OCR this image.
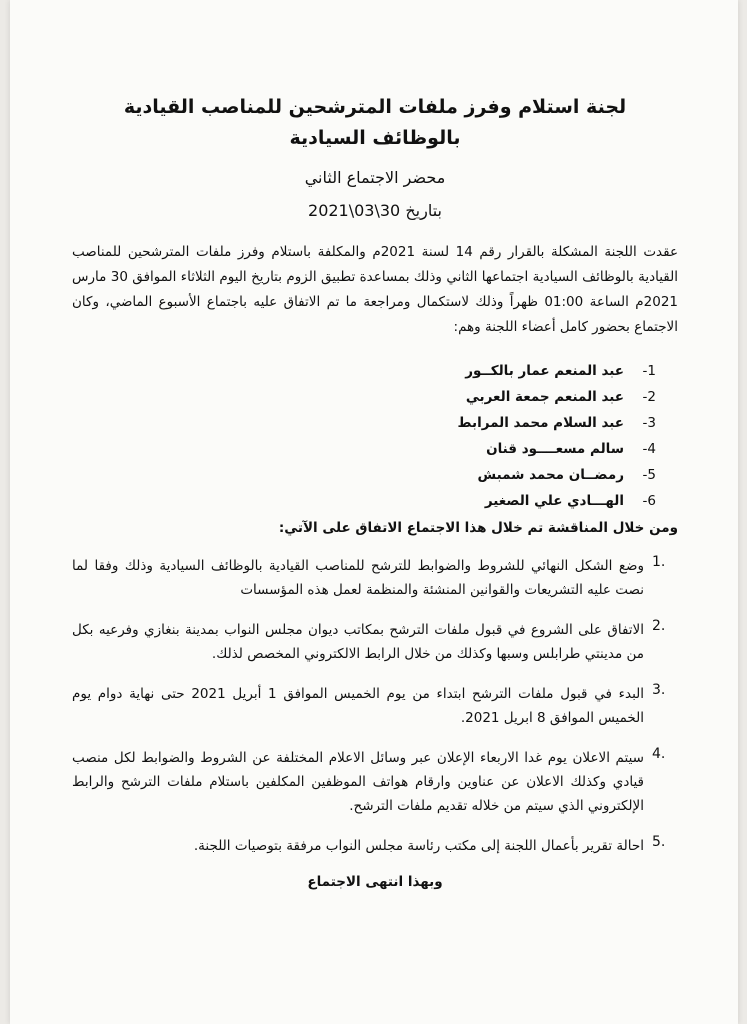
لجنة استلام وفرز ملفات المترشحين للمناصب القيادية
بالوظائف السيادية

محضر الاجتماع الثاني

بتاريخ 30\03\2021

عقدت اللجنة المشكلة بالقرار رقم 14 لسنة 2021م والمكلفة باستلام وفرز ملفات المترشحين للمناصب القيادية بالوظائف السيادية اجتماعها الثاني وذلك بمساعدة تطبيق الزوم بتاريخ اليوم الثلاثاء الموافق 30 مارس 2021م الساعة 01:00 ظهراً وذلك لاستكمال ومراجعة ما تم الاتفاق عليه باجتماع الأسبوع الماضي، وكان الاجتماع بحضور كامل أعضاء اللجنة وهم:

1-
عبد المنعم عمار بالكــور
2-
عبد المنعم جمعة العربي
3-
عبد السلام محمد المرابط
4-
سالم مسعــــود قنان
5-
رمضــان محمد شمبش
6-
الهـــادي علي الصغير

ومن خلال المناقشة تم خلال هذا الاجتماع الاتفاق على الآتي:

1.
وضع الشكل النهائي للشروط والضوابط للترشح للمناصب القيادية بالوظائف السيادية وذلك وفقا لما نصت عليه التشريعات والقوانين المنشئة والمنظمة لعمل هذه المؤسسات
2.
الاتفاق على الشروع في قبول ملفات الترشح بمكاتب ديوان مجلس النواب بمدينة بنغازي وفرعيه بكل من مدينتي طرابلس وسبها وكذلك من خلال الرابط الالكتروني المخصص لذلك.
3.
البدء في قبول ملفات الترشح ابتداء من يوم الخميس الموافق 1 أبريل 2021 حتى نهاية دوام يوم الخميس الموافق 8 ابريل 2021.
4.
سيتم الاعلان يوم غدا الاربعاء الإعلان عبر وسائل الاعلام المختلفة عن الشروط والضوابط لكل منصب قيادي وكذلك الاعلان عن عناوين وارقام هواتف الموظفين المكلفين باستلام ملفات الترشح والرابط الإلكتروني الذي سيتم من خلاله تقديم ملفات الترشح.
5.
احالة تقرير بأعمال اللجنة إلى مكتب رئاسة مجلس النواب مرفقة بتوصيات اللجنة.

وبهذا انتهى الاجتماع
